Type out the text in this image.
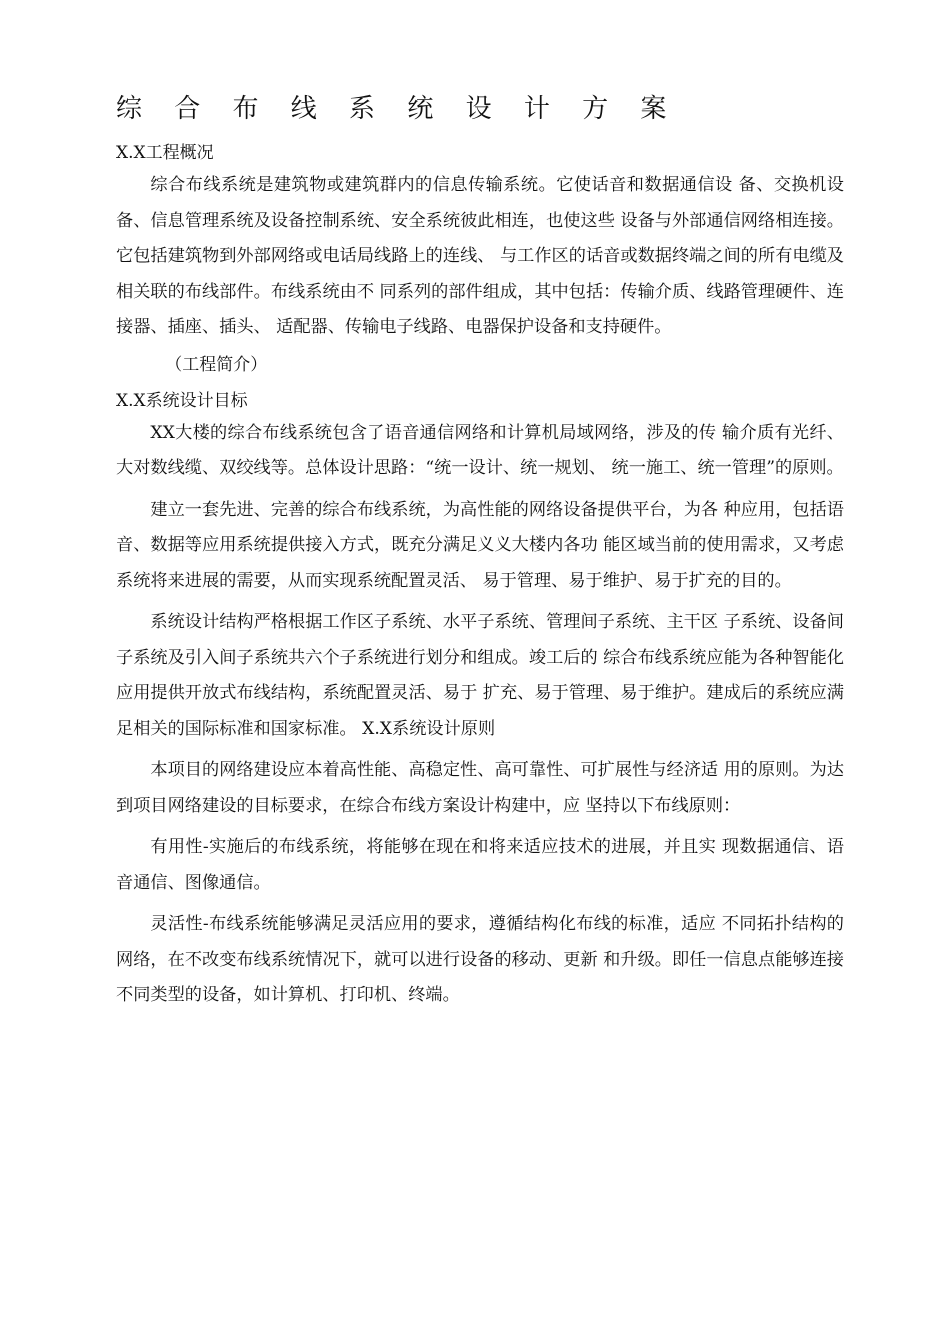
综 合 布 线 系 统 设 计 方 案

X.X工程概况

综合布线系统是建筑物或建筑群内的信息传输系统。它使话音和数据通信设 备、交换机设备、信息管理系统及设备控制系统、安全系统彼此相连，也使这些 设备与外部通信网络相连接。它包括建筑物到外部网络或电话局线路上的连线、 与工作区的话音或数据终端之间的所有电缆及相关联的布线部件。布线系统由不 同系列的部件组成，其中包括：传输介质、线路管理硬件、连接器、插座、插头、 适配器、传输电子线路、电器保护设备和支持硬件。

（工程简介）

X.X系统设计目标

XX大楼的综合布线系统包含了语音通信网络和计算机局域网络，涉及的传 输介质有光纤、大对数线缆、双绞线等。总体设计思路：“统一设计、统一规划、 统一施工、统一管理”的原则。

建立一套先进、完善的综合布线系统，为高性能的网络设备提供平台，为各 种应用，包括语音、数据等应用系统提供接入方式，既充分满足义义大楼内各功 能区域当前的使用需求，又考虑系统将来进展的需要，从而实现系统配置灵活、 易于管理、易于维护、易于扩充的目的。

系统设计结构严格根据工作区子系统、水平子系统、管理间子系统、主干区 子系统、设备间子系统及引入间子系统共六个子系统进行划分和组成。竣工后的 综合布线系统应能为各种智能化应用提供开放式布线结构，系统配置灵活、易于 扩充、易于管理、易于维护。建成后的系统应满足相关的国际标准和国家标准。 X.X系统设计原则

本项目的网络建设应本着高性能、高稳定性、高可靠性、可扩展性与经济适 用的原则。为达到项目网络建设的目标要求，在综合布线方案设计构建中，应 坚持以下布线原则：

有用性-实施后的布线系统，将能够在现在和将来适应技术的进展，并且实 现数据通信、语音通信、图像通信。

灵活性-布线系统能够满足灵活应用的要求，遵循结构化布线的标准，适应 不同拓扑结构的网络，在不改变布线系统情况下，就可以进行设备的移动、更新 和升级。即任一信息点能够连接不同类型的设备，如计算机、打印机、终端。
